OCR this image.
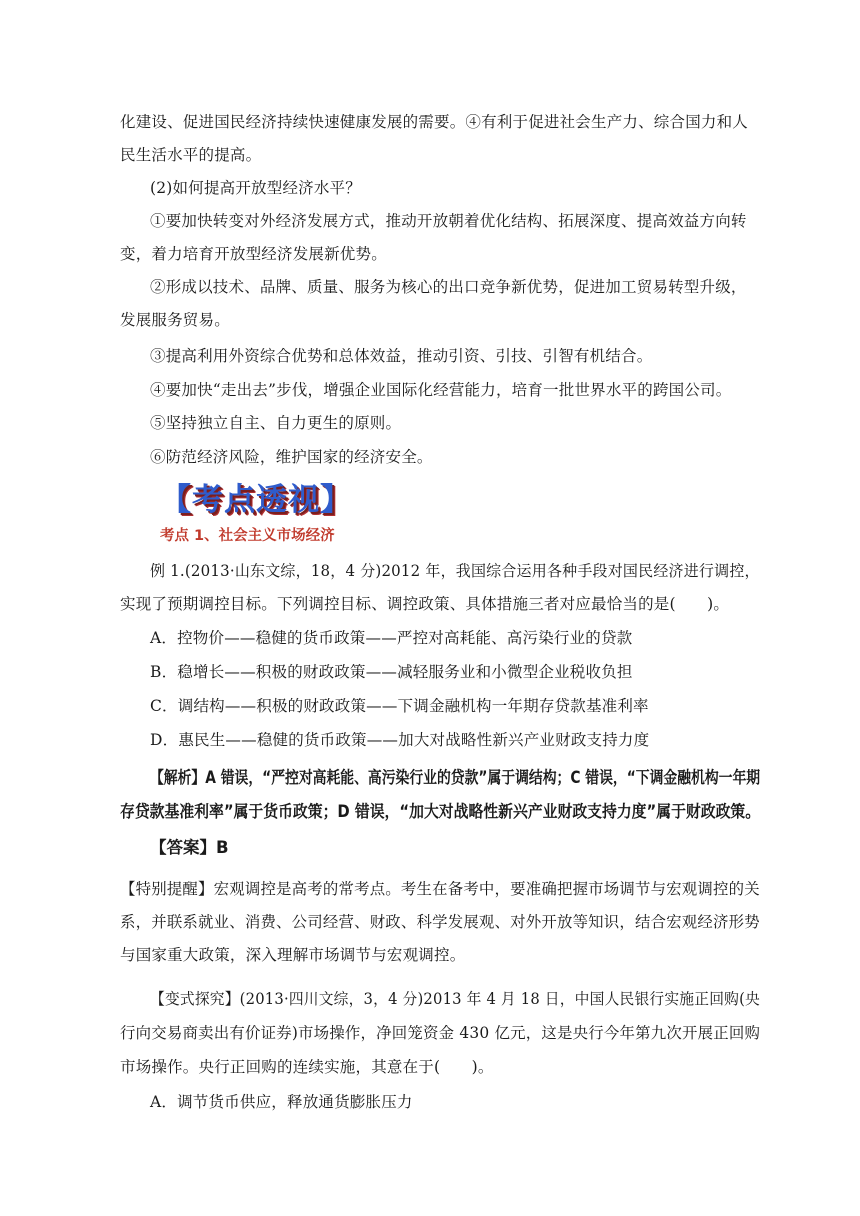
化建设、促进国民经济持续快速健康发展的需要。④有利于促进社会生产力、综合国力和人
民生活水平的提高。
(2)如何提高开放型经济水平？
①要加快转变对外经济发展方式，推动开放朝着优化结构、拓展深度、提高效益方向转
变，着力培育开放型经济发展新优势。
②形成以技术、品牌、质量、服务为核心的出口竞争新优势，促进加工贸易转型升级，
发展服务贸易。
③提高利用外资综合优势和总体效益，推动引资、引技、引智有机结合。
④要加快“走出去”步伐，增强企业国际化经营能力，培育一批世界水平的跨国公司。
⑤坚持独立自主、自力更生的原则。
⑥防范经济风险，维护国家的经济安全。
【考点透视】
考点 1、社会主义市场经济
例 1.(2013·山东文综，18，4 分)2012 年，我国综合运用各种手段对国民经济进行调控，
实现了预期调控目标。下列调控目标、调控政策、具体措施三者对应最恰当的是(　　)。
A．控物价——稳健的货币政策——严控对高耗能、高污染行业的贷款
B．稳增长——积极的财政政策——减轻服务业和小微型企业税收负担
C．调结构——积极的财政政策——下调金融机构一年期存贷款基准利率
D．惠民生——稳健的货币政策——加大对战略性新兴产业财政支持力度
【解析】A 错误，“严控对高耗能、高污染行业的贷款”属于调结构；C 错误，“下调金融机构一年期
存贷款基准利率”属于货币政策；D 错误，“加大对战略性新兴产业财政支持力度”属于财政政策。
【答案】B
【特别提醒】宏观调控是高考的常考点。考生在备考中，要准确把握市场调节与宏观调控的关
系，并联系就业、消费、公司经营、财政、科学发展观、对外开放等知识，结合宏观经济形势
与国家重大政策，深入理解市场调节与宏观调控。
【变式探究】(2013·四川文综，3，4 分)2013 年 4 月 18 日，中国人民银行实施正回购(央
行向交易商卖出有价证券)市场操作，净回笼资金 430 亿元，这是央行今年第九次开展正回购
市场操作。央行正回购的连续实施，其意在于(　　)。
A．调节货币供应，释放通货膨胀压力
